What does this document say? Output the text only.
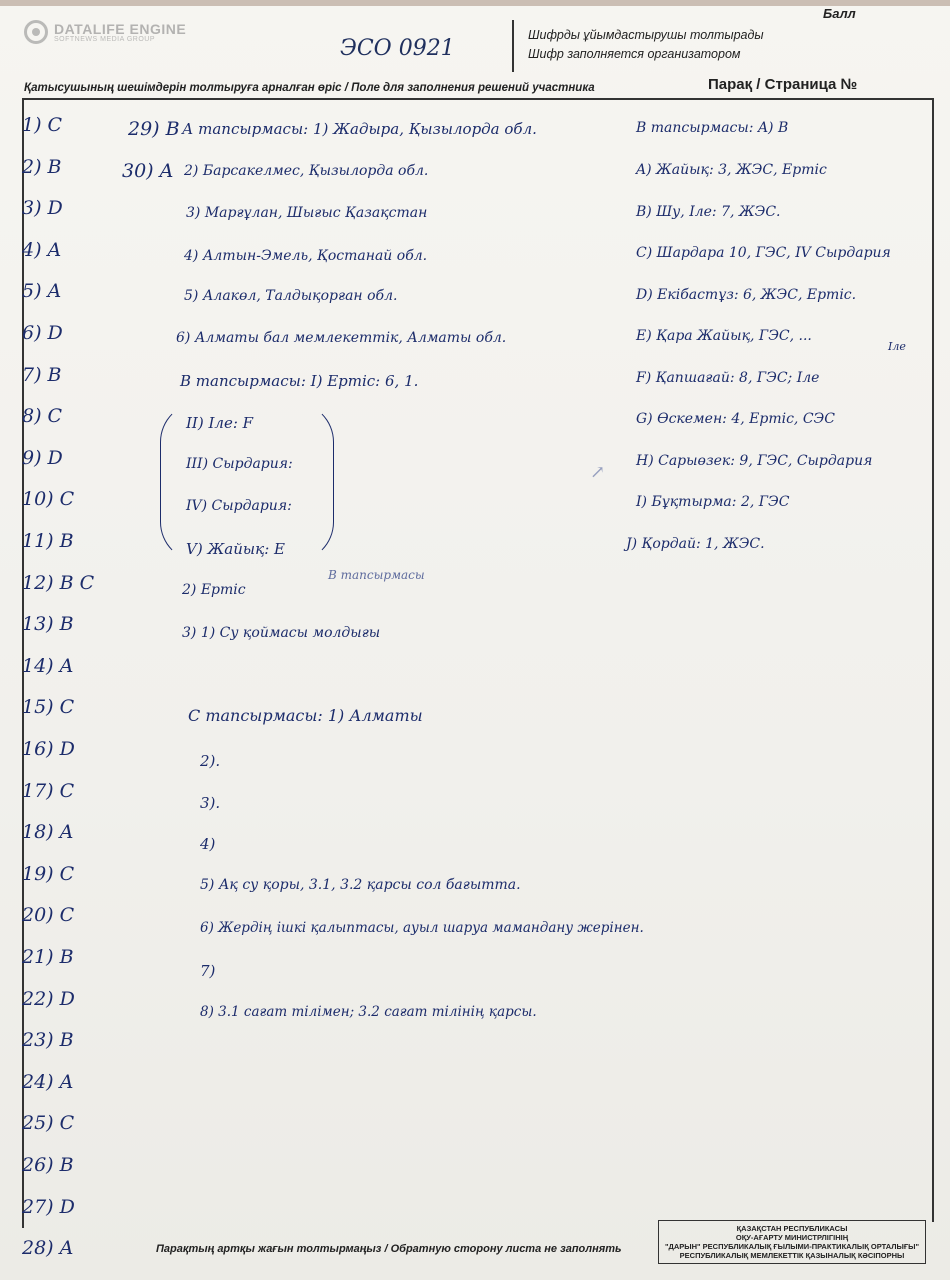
DATALIFE ENGINE
SOFTNEWS MEDIA GROUP
Балл
Шифрды ұйымдастырушы толтырады
Шифр заполняется организатором
ЭСО 0921
Қатысушының шешімдерін толтыруға арналған өріс / Поле для заполнения решений участника	Парақ / Страница №
1) C
2) B
3) D
4) A
5) A
6) D
7) B
8) C
9) D
10) C
11) B
12) B C
13) B
14) A
15) C
16) D
17) C
18) A
19) C
20) C
21) B
22) D
23) B
24) A
25) C
26) B
27) D
28) A
29) B
30) A
А тапсырмасы: 1) Жадыра, Қызылорда обл.
2) Барсакелмес, Қызылорда обл.
3) Марғұлан, Шығыс Қазақстан
4) Алтын-Эмель, Қостанай обл.
5) Алакөл, Талдықорған обл.
6) Алматы бал мемлекеттік, Алматы обл.
В тапсырмасы: I) Ертіс: 6, 1.
II) Іле: F
III) Сырдария:
IV) Сырдария:
V) Жайық: E
В тапсырмасы
2) Ертіс
3) 1) Су қоймасы молдығы
С тапсырмасы: 1) Алматы
2).
3).
4)
5) Ақ су қоры, 3.1, 3.2 қарсы сол бағытта.
6) Жердің ішкі қалыптасы, ауыл шаруа мамандану жерінен.
7)
8) 3.1 сағат тілімен; 3.2 сағат тілінің қарсы.
В тапсырмасы: A) B
A) Жайық: 3, ЖЭС, Ертіс
B) Шу, Іле: 7, ЖЭС.
C) Шардара 10, ГЭС, IV Сырдария
D) Екібастұз: 6, ЖЭС, Ертіс.
E) Қара Жайық, ГЭС, ...
F) Қапшағай: 8, ГЭС; Іле
G) Өскемен: 4, Ертіс, СЭС
H) Сарыөзек: 9, ГЭС, Сырдария
I) Бұқтырма: 2, ГЭС
J) Қордай: 1, ЖЭС.
Іле
↗
Парақтың артқы жағын толтырмаңыз / Обратную сторону листа не заполнять
ҚАЗАҚСТАН РЕСПУБЛИКАСЫ
ОҚУ-АҒАРТУ МИНИСТРЛІГІНІҢ
"ДАРЫН" РЕСПУБЛИКАЛЫҚ ҒЫЛЫМИ-ПРАКТИКАЛЫҚ ОРТАЛЫҒЫ"
РЕСПУБЛИКАЛЫҚ МЕМЛЕКЕТТІК ҚАЗЫНАЛЫҚ КӘСІПОРНЫ
